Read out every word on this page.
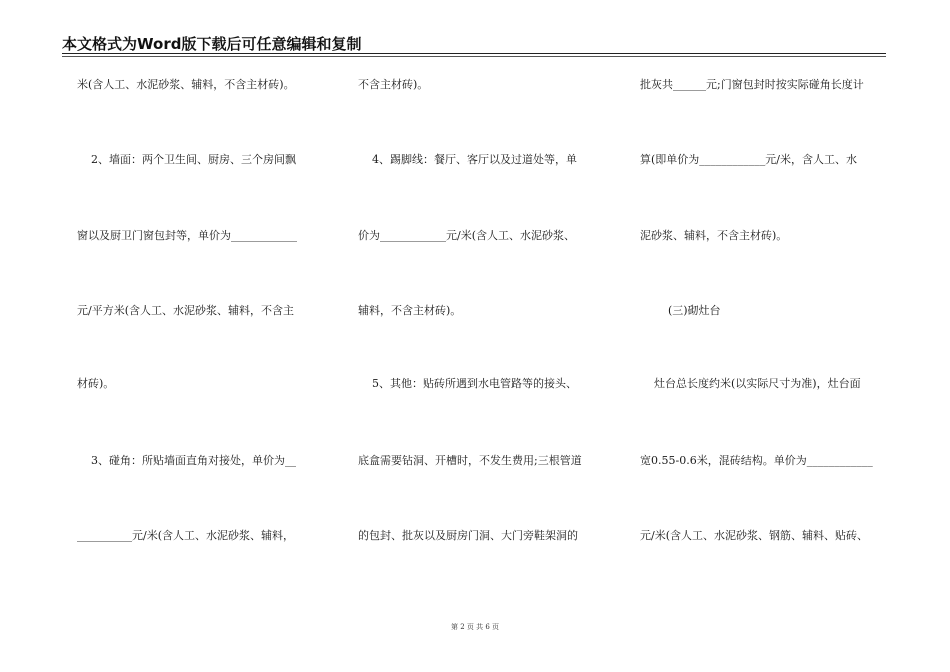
本文格式为Word版下载后可任意编辑和复制
米(含人工、水泥砂浆、辅料，不含主材砖)。
2、墙面：两个卫生间、厨房、三个房间飘
窗以及厨卫门窗包封等，单价为____________
元/平方米(含人工、水泥砂浆、辅料，不含主
材砖)。
3、碰角：所贴墙面直角对接处，单价为__
__________元/米(含人工、水泥砂浆、辅料，
不含主材砖)。
4、踢脚线：餐厅、客厅以及过道处等，单
价为____________元/米(含人工、水泥砂浆、
辅料，不含主材砖)。
5、其他：贴砖所遇到水电管路等的接头、
底盒需要钻洞、开槽时，不发生费用;三根管道
的包封、批灰以及厨房门洞、大门旁鞋架洞的
批灰共______元;门窗包封时按实际碰角长度计
算(即单价为____________元/米，含人工、水
泥砂浆、辅料，不含主材砖)。
(三)砌灶台
灶台总长度约米(以实际尺寸为准)，灶台面
宽0.55-0.6米，混砖结构。单价为____________
元/米(含人工、水泥砂浆、钢筋、辅料、贴砖、
第 2 页 共 6 页
